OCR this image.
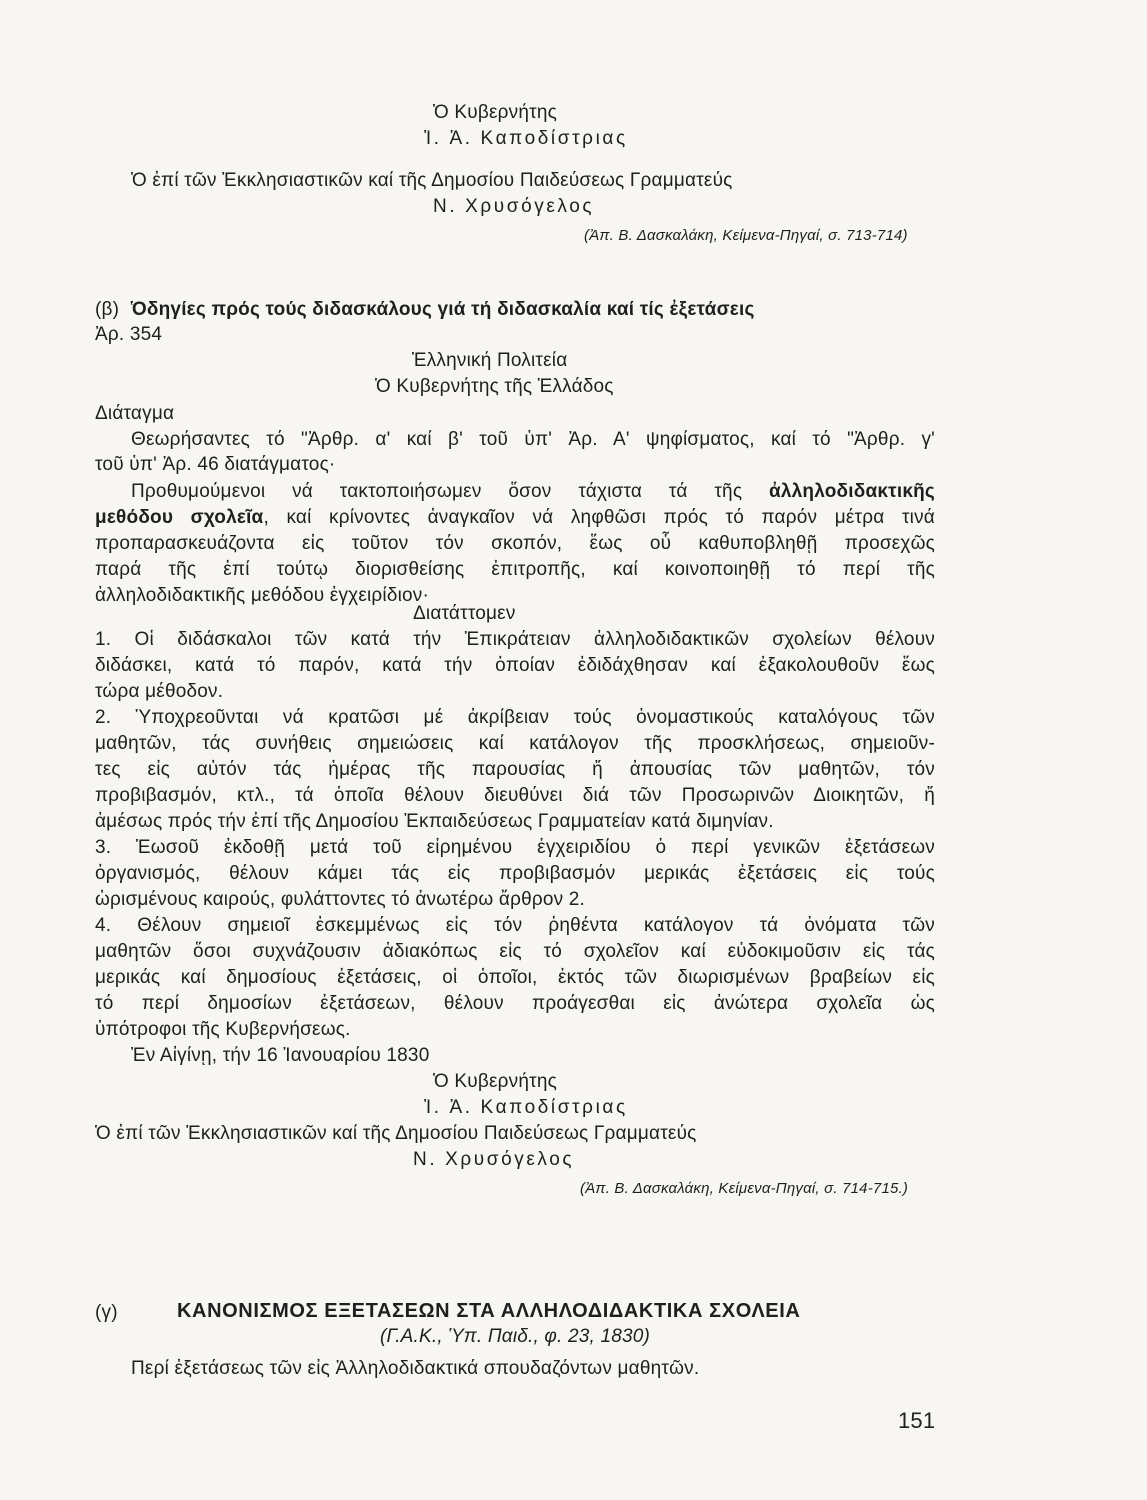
Ὁ Κυβερνήτης
Ἰ. Ἀ. Καποδίστριας
Ὁ ἐπί τῶν Ἐκκλησιαστικῶν καί τῆς Δημοσίου Παιδεύσεως Γραμματεύς
Ν. Χρυσόγελος
(Ἀπ. Β. Δασκαλάκη, Κείμενα-Πηγαί, σ. 713-714)
(β) Ὁδηγίες πρός τούς διδασκάλους γιά τή διδασκαλία καί τίς ἐξετάσεις
Ἀρ. 354
Ἑλληνική Πολιτεία
Ὁ Κυβερνήτης τῆς Ἑλλάδος
Διάταγμα
Θεωρήσαντες τό "Ἀρθρ. α' καί β' τοῦ ὑπ' Ἀρ. Α' ψηφίσματος, καί τό "Ἀρθρ. γ'
τοῦ ὑπ' Ἀρ. 46 διατάγματος·
Προθυμούμενοι νά τακτοποιήσωμεν ὅσον τάχιστα τά τῆς ἀλληλοδιδακτικῆς
μεθόδου σχολεῖα, καί κρίνοντες ἀναγκαῖον νά ληφθῶσι πρός τό παρόν μέτρα τινά
προπαρασκευάζοντα εἰς τοῦτον τόν σκοπόν, ἕως οὗ καθυποβληθῇ προσεχῶς
παρά τῆς ἐπί τούτῳ διορισθείσης ἐπιτροπῆς, καί κοινοποιηθῇ τό περί τῆς
ἀλληλοδιδακτικῆς μεθόδου ἐγχειρίδιον·
Διατάττομεν
1. Οἱ διδάσκαλοι τῶν κατά τήν Ἐπικράτειαν ἀλληλοδιδακτικῶν σχολείων θέλουν
διδάσκει, κατά τό παρόν, κατά τήν ὁποίαν ἐδιδάχθησαν καί ἐξακολουθοῦν ἕως
τώρα μέθοδον.
2. Ὑποχρεοῦνται νά κρατῶσι μέ ἀκρίβειαν τούς ὀνομαστικούς καταλόγους τῶν
μαθητῶν, τάς συνήθεις σημειώσεις καί κατάλογον τῆς προσκλήσεως, σημειοῦν-
τες εἰς αὐτόν τάς ἡμέρας τῆς παρουσίας ἤ ἀπουσίας τῶν μαθητῶν, τόν
προβιβασμόν, κτλ., τά ὁποῖα θέλουν διευθύνει διά τῶν Προσωρινῶν Διοικητῶν, ἤ
ἀμέσως πρός τήν ἐπί τῆς Δημοσίου Ἐκπαιδεύσεως Γραμματείαν κατά διμηνίαν.
3. Ἑωσοῦ ἐκδοθῇ μετά τοῦ εἰρημένου ἐγχειριδίου ὁ περί γενικῶν ἐξετάσεων
ὀργανισμός, θέλουν κάμει τάς εἰς προβιβασμόν μερικάς ἐξετάσεις εἰς τούς
ὡρισμένους καιρούς, φυλάττοντες τό ἀνωτέρω ἄρθρον 2.
4. Θέλουν σημειοῖ ἐσκεμμένως εἰς τόν ῥηθέντα κατάλογον τά ὀνόματα τῶν
μαθητῶν ὅσοι συχνάζουσιν ἀδιακόπως εἰς τό σχολεῖον καί εὐδοκιμοῦσιν εἰς τάς
μερικάς καί δημοσίους ἐξετάσεις, οἱ ὁποῖοι, ἐκτός τῶν διωρισμένων βραβείων εἰς
τό περί δημοσίων ἐξετάσεων, θέλουν προάγεσθαι εἰς ἀνώτερα σχολεῖα ὡς
ὑπότροφοι τῆς Κυβερνήσεως.
Ἐν Αἰγίνῃ, τήν 16 Ἰανουαρίου 1830
Ὁ Κυβερνήτης
Ἰ. Ἀ. Καποδίστριας
Ὁ ἐπί τῶν Ἐκκλησιαστικῶν καί τῆς Δημοσίου Παιδεύσεως Γραμματεύς
Ν. Χρυσόγελος
(Ἀπ. Β. Δασκαλάκη, Κείμενα-Πηγαί, σ. 714-715.)
(γ)	ΚΑΝΟΝΙΣΜΟΣ ΕΞΕΤΑΣΕΩΝ ΣΤΑ ΑΛΛΗΛΟΔΙΔΑΚΤΙΚΑ ΣΧΟΛΕΙΑ
(Γ.Α.Κ., Ὑπ. Παιδ., φ. 23, 1830)
Περί ἐξετάσεως τῶν εἰς Ἀλληλοδιδακτικά σπουδαζόντων μαθητῶν.
151
